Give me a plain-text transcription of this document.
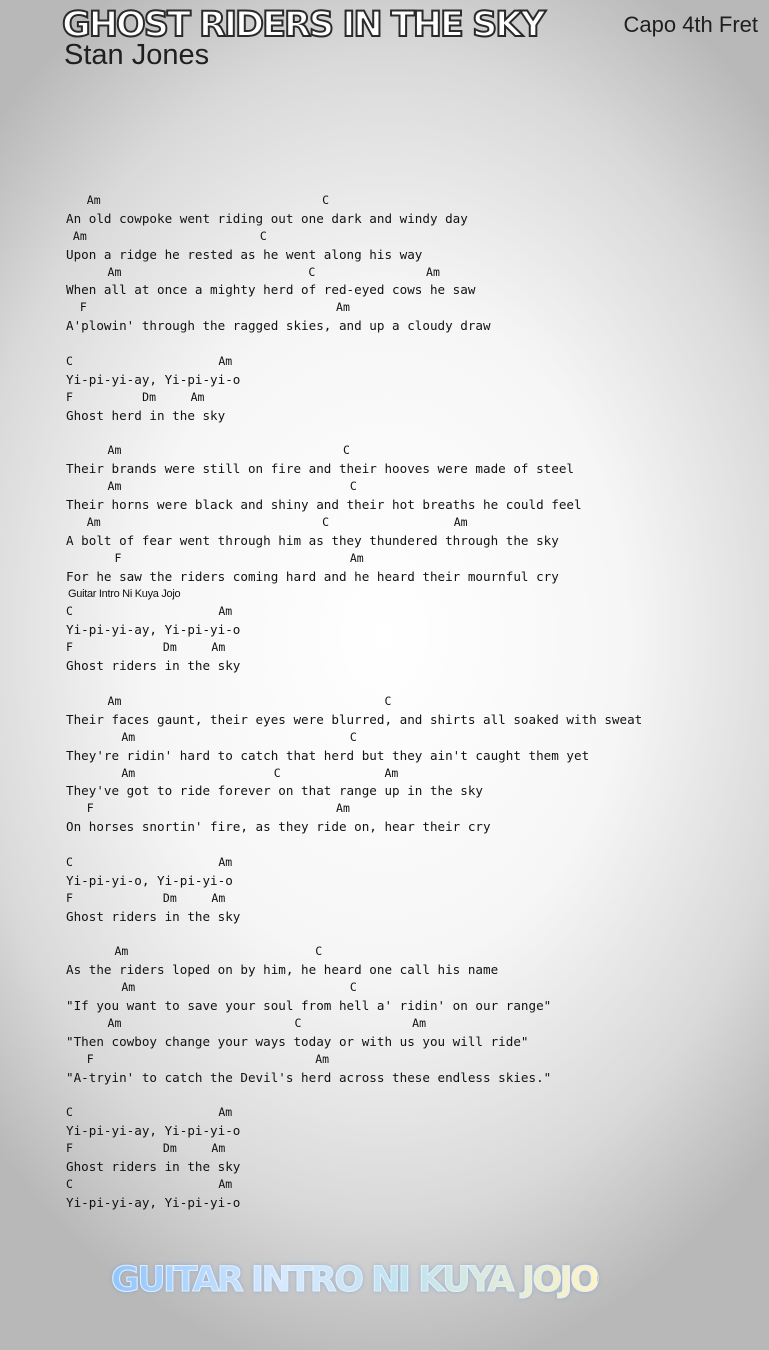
GHOST RIDERS IN THE SKY
Stan Jones
Capo 4th Fret
Am                                C
An old cowpoke went riding out one dark and windy day
Am                         C
Upon a ridge he rested as he went along his way
Am                           C                Am
When all at once a mighty herd of red-eyed cows he saw
F                                    Am
A'plowin' through the ragged skies, and up a cloudy draw
C                     Am
Yi-pi-yi-ay, Yi-pi-yi-o
F          Dm     Am
Ghost herd in the sky
Am                                C
Their brands were still on fire and their hooves were made of steel
Am                                 C
Their horns were black and shiny and their hot breaths he could feel
Am                                C                  Am
A bolt of fear went through him as they thundered through the sky
F                                 Am
For he saw the riders coming hard and he heard their mournful cry
Guitar Intro Ni Kuya Jojo
C                     Am
Yi-pi-yi-ay, Yi-pi-yi-o
F             Dm     Am
Ghost riders in the sky
Am                                      C
Their faces gaunt, their eyes were blurred, and shirts all soaked with sweat
Am                               C
They're ridin' hard to catch that herd but they ain't caught them yet
Am                    C               Am
They've got to ride forever on that range up in the sky
F                                   Am
On horses snortin' fire, as they ride on, hear their cry
C                     Am
Yi-pi-yi-o, Yi-pi-yi-o
F             Dm     Am
Ghost riders in the sky
Am                           C
As the riders loped on by him, he heard one call his name
Am                               C
"If you want to save your soul from hell a' ridin' on our range"
Am                         C                Am
"Then cowboy change your ways today or with us you will ride"
F                                Am
"A-tryin' to catch the Devil's herd across these endless skies."
C                     Am
Yi-pi-yi-ay, Yi-pi-yi-o
F             Dm     Am
Ghost riders in the sky
C                     Am
Yi-pi-yi-ay, Yi-pi-yi-o
GUITAR INTRO NI KUYA JOJO
